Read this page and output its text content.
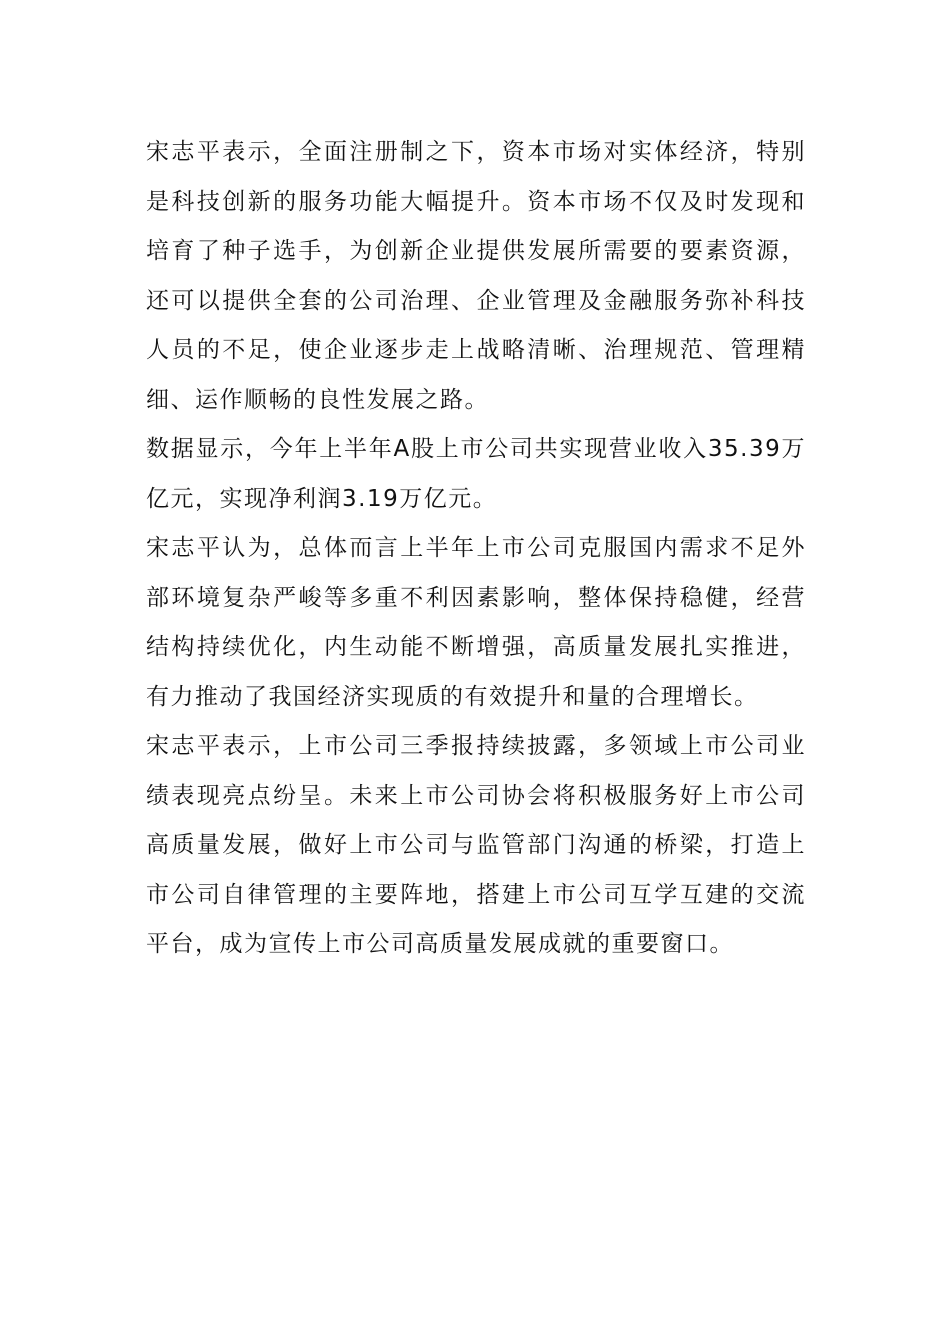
宋志平表示，全面注册制之下，资本市场对实体经济，特别是科技创新的服务功能大幅提升。资本市场不仅及时发现和培育了种子选手，为创新企业提供发展所需要的要素资源，还可以提供全套的公司治理、企业管理及金融服务弥补科技人员的不足，使企业逐步走上战略清晰、治理规范、管理精细、运作顺畅的良性发展之路。

数据显示，今年上半年A股上市公司共实现营业收入35.39万亿元，实现净利润3.19万亿元。

宋志平认为，总体而言上半年上市公司克服国内需求不足外部环境复杂严峻等多重不利因素影响，整体保持稳健，经营结构持续优化，内生动能不断增强，高质量发展扎实推进，有力推动了我国经济实现质的有效提升和量的合理增长。

宋志平表示，上市公司三季报持续披露，多领域上市公司业绩表现亮点纷呈。未来上市公司协会将积极服务好上市公司高质量发展，做好上市公司与监管部门沟通的桥梁，打造上市公司自律管理的主要阵地，搭建上市公司互学互建的交流平台，成为宣传上市公司高质量发展成就的重要窗口。
